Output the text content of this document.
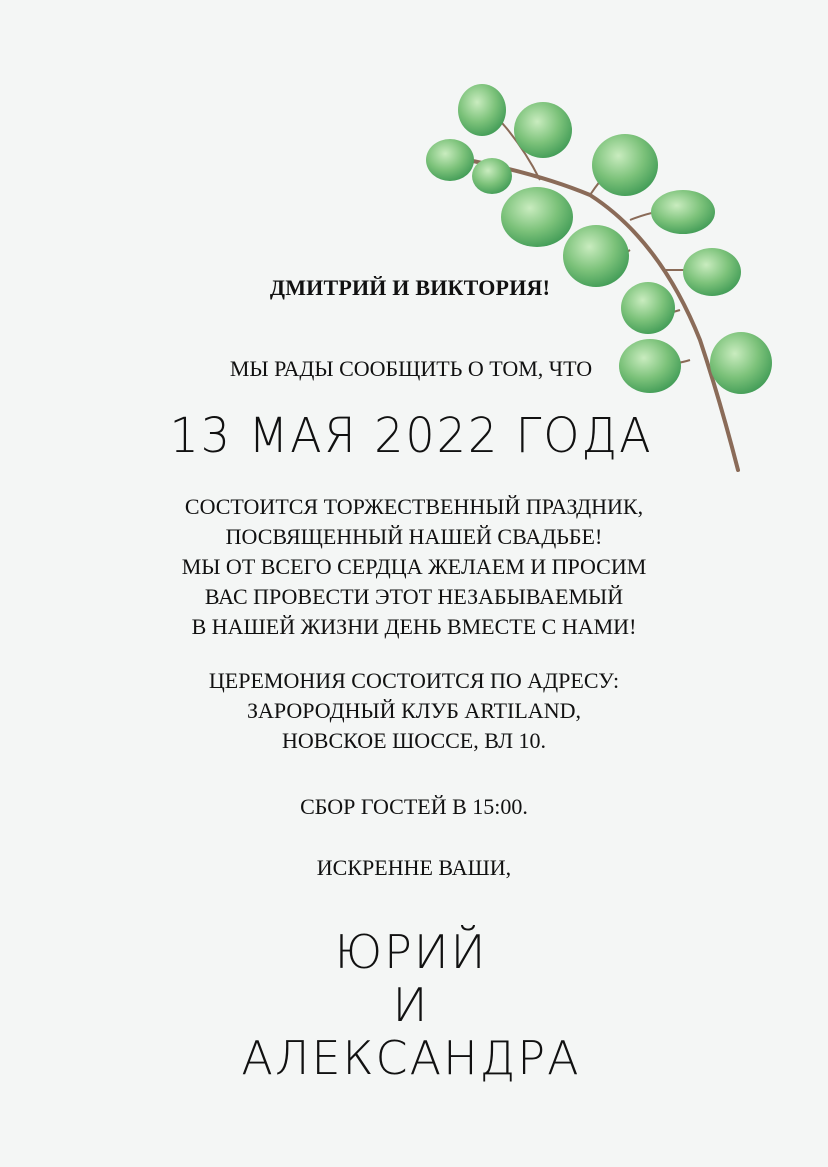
ДМИТРИЙ И ВИКТОРИЯ!
МЫ РАДЫ СООБЩИТЬ О ТОМ, ЧТО
13 МАЯ 2022 ГОДА
СОСТОИТСЯ ТОРЖЕСТВЕННЫЙ ПРАЗДНИК,
ПОСВЯЩЕННЫЙ НАШЕЙ СВАДЬБЕ!
МЫ ОТ ВСЕГО СЕРДЦА ЖЕЛАЕМ И ПРОСИМ
ВАС ПРОВЕСТИ ЭТОТ НЕЗАБЫВАЕМЫЙ
В НАШЕЙ ЖИЗНИ ДЕНЬ ВМЕСТЕ С НАМИ!
ЦЕРЕМОНИЯ СОСТОИТСЯ ПО АДРЕСУ:
ЗАРОРОДНЫЙ КЛУБ ARTILAND,
НОВСКОЕ ШОССЕ, ВЛ 10.
СБОР ГОСТЕЙ В 15:00.
ИСКРЕННЕ ВАШИ,
ЮРИЙ
И
АЛЕКСАНДРА
